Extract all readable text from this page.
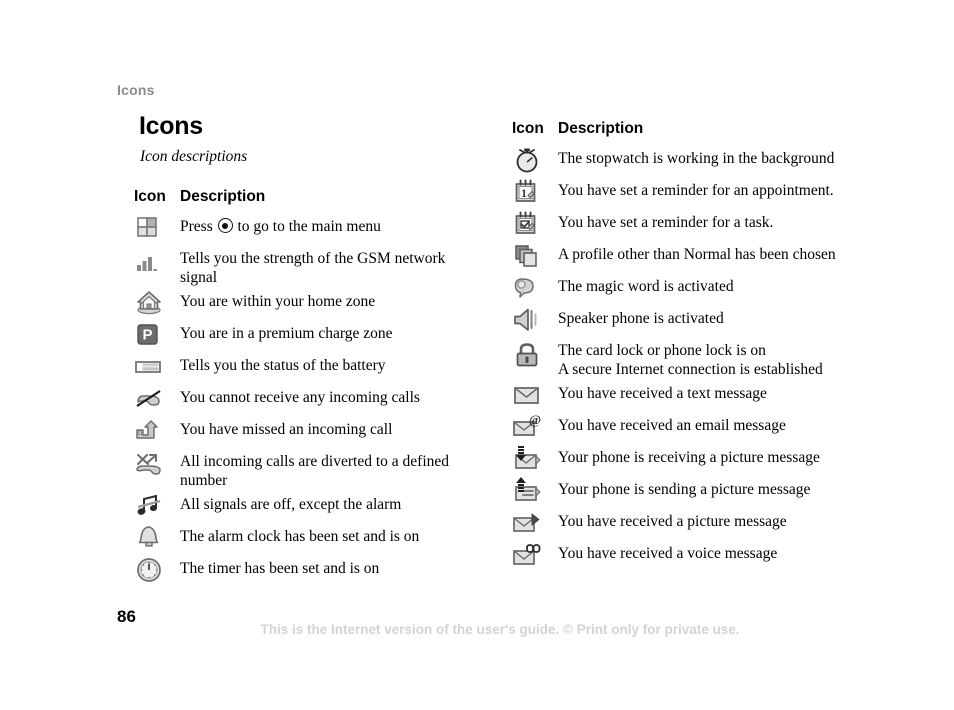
Icons
Icons
Icon descriptions
Icon Description
Press  to go to the main menu
Tells you the strength of the GSM network signal
You are within your home zone
P You are in a premium charge zone
Tells you the status of the battery
You cannot receive any incoming calls
You have missed an incoming call
All incoming calls are diverted to a defined number
All signals are off, except the alarm
The alarm clock has been set and is on
The timer has been set and is on
Icon Description
The stopwatch is working in the background
1 You have set a reminder for an appointment.
You have set a reminder for a task.
A profile other than Normal has been chosen
The magic word is activated
Speaker phone is activated
The card lock or phone lock is on
A secure Internet connection is established
You have received a text message
@ You have received an email message
Your phone is receiving a picture message
Your phone is sending a picture message
You have received a picture message
You have received a voice message
86
This is the Internet version of the user's guide. © Print only for private use.
